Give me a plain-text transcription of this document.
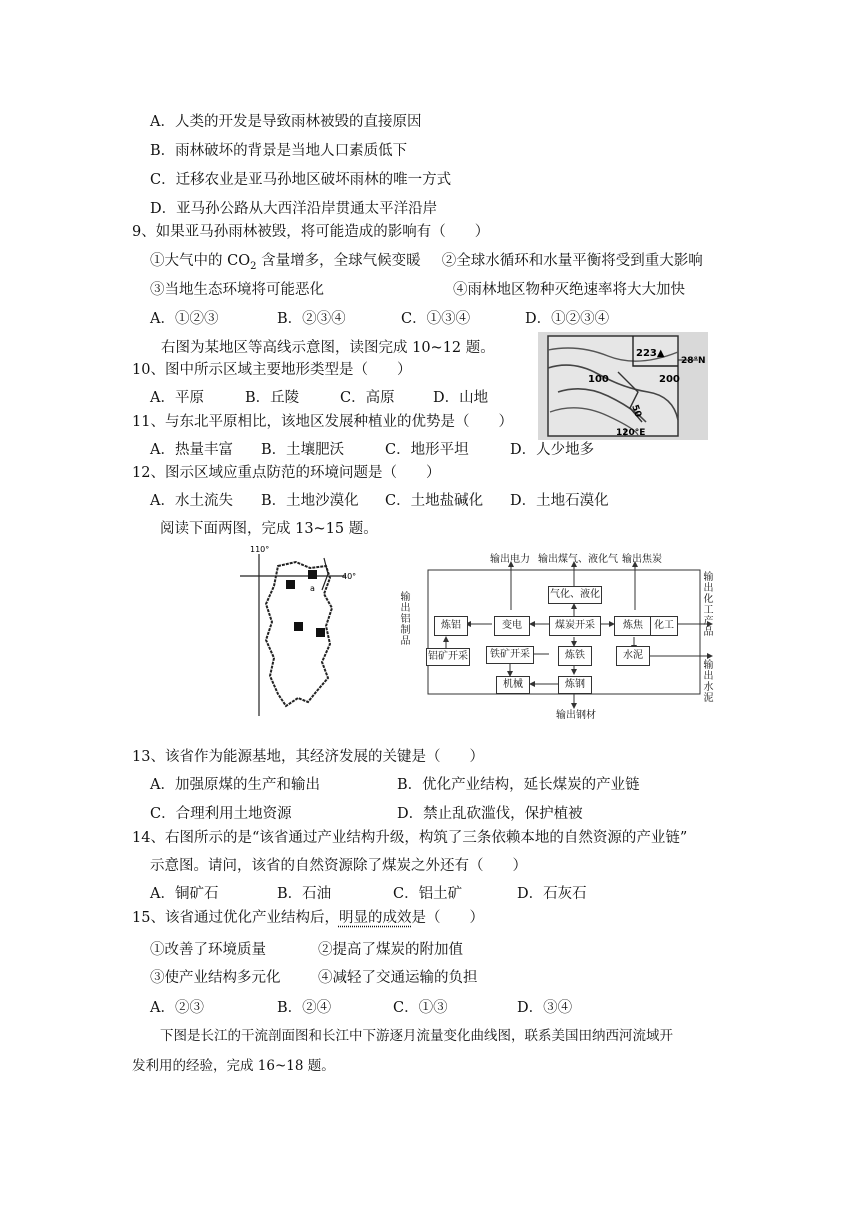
A．人类的开发是导致雨林被毁的直接原因
B．雨林破坏的背景是当地人口素质低下
C．迁移农业是亚马孙地区破坏雨林的唯一方式
D．亚马孙公路从大西洋沿岸贯通太平洋沿岸
9、如果亚马孙雨林被毁，将可能造成的影响有（　　）
①大气中的 $CO_2$ 含量增多，全球气候变暖 ②全球水循环和水量平衡将受到重大影响
③当地生态环境将可能恶化	④雨林地区物种灭绝速率将大大加快
A．①②③	B．②③④	C．①③④	D．①②③④
右图为某地区等高线示意图，读图完成 10~12 题。	223▲
28°N
100	200
50
120°E
10、图中所示区域主要地形类型是（　　）
A．平原	B．丘陵	C．高原	D．山地
11、与东北平原相比，该地区发展种植业的优势是（　　）
A．热量丰富 B．土壤肥沃	C．地形平坦	D．人少地多
12、图示区域应重点防范的环境问题是（　　）
A．水土流失 B．土地沙漠化 C．土地盐碱化 D．土地石漠化
阅读下面两图，完成 13~15 题。
110°
40°
a
输出电力 输出煤气、液化气 输出焦炭
气化、液化
炼铝	变电	煤炭开采	炼焦	化工
铝矿开采	铁矿开采	炼铁	水泥
机械	炼钢
输出铝制品
输出化工产品
输出水泥
输出钢材
13、该省作为能源基地，其经济发展的关键是（　　）
A．加强原煤的生产和输出	B．优化产业结构，延长煤炭的产业链
C．合理利用土地资源	D．禁止乱砍滥伐，保护植被
14、右图所示的是“该省通过产业结构升级，构筑了三条依赖本地的自然资源的产业链”
示意图。请问，该省的自然资源除了煤炭之外还有（　　）
A．铜矿石	B．石油	C．铝土矿	D．石灰石
15、该省通过优化产业结构后，明显的成效是（　　）
①改善了环境质量	②提高了煤炭的附加值
③使产业结构多元化	④减轻了交通运输的负担
A．②③	B．②④	C．①③	D．③④
下图是长江的干流剖面图和长江中下游逐月流量变化曲线图，联系美国田纳西河流域开
发利用的经验，完成 16~18 题。
